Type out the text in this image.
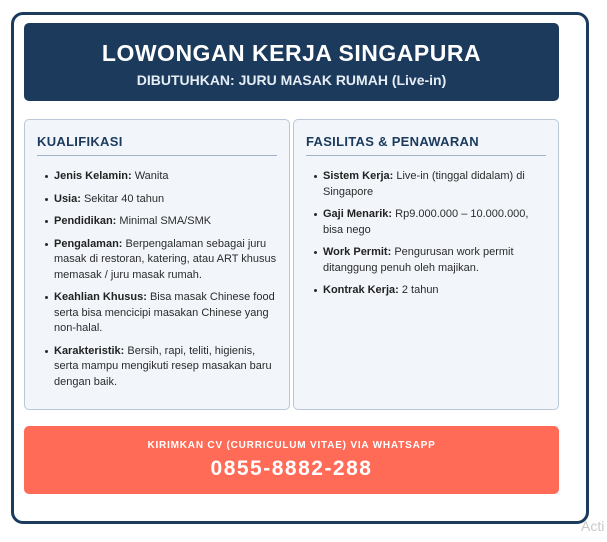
LOWONGAN KERJA SINGAPURA
DIBUTUHKAN: JURU MASAK RUMAH (Live-in)
KUALIFIKASI
Jenis Kelamin: Wanita
Usia: Sekitar 40 tahun
Pendidikan: Minimal SMA/SMK
Pengalaman: Berpengalaman sebagai juru masak di restoran, katering, atau ART khusus memasak / juru masak rumah.
Keahlian Khusus: Bisa masak Chinese food serta bisa mencicipi masakan Chinese yang non-halal.
Karakteristik: Bersih, rapi, teliti, higienis, serta mampu mengikuti resep masakan baru dengan baik.
FASILITAS & PENAWARAN
Sistem Kerja: Live-in (tinggal didalam) di Singapore
Gaji Menarik: Rp9.000.000 – 10.000.000, bisa nego
Work Permit: Pengurusan work permit ditanggung penuh oleh majikan.
Kontrak Kerja: 2 tahun
KIRIMKAN CV (CURRICULUM VITAE) VIA WHATSAPP
0855-8882-288
Acti
